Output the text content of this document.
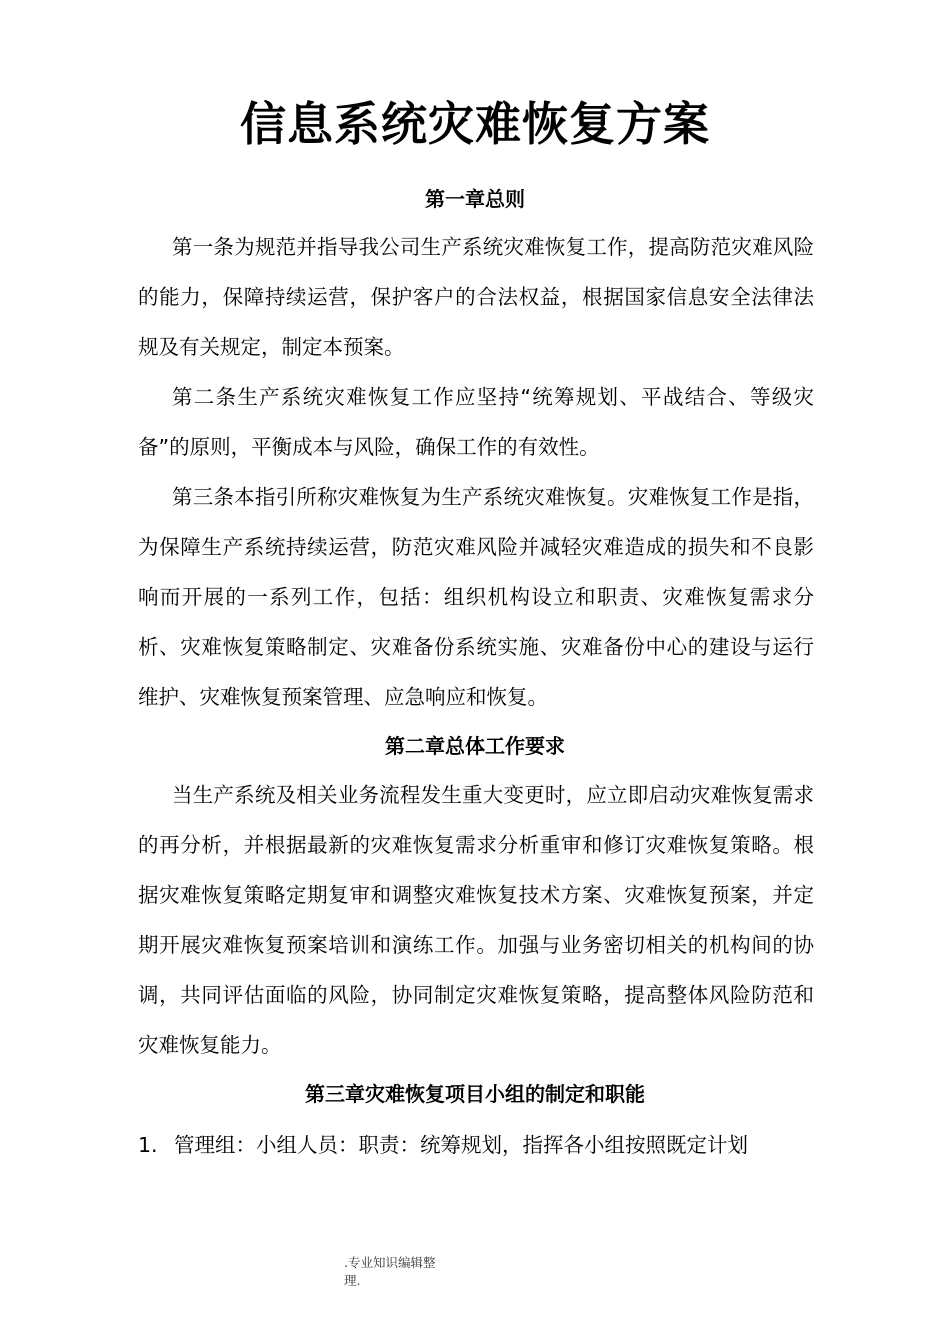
信息系统灾难恢复方案
第一章总则

第一条为规范并指导我公司生产系统灾难恢复工作，提高防范灾难风险的能力，保障持续运营，保护客户的合法权益，根据国家信息安全法律法规及有关规定，制定本预案。

第二条生产系统灾难恢复工作应坚持“统筹规划、平战结合、等级灾备”的原则，平衡成本与风险，确保工作的有效性。

第三条本指引所称灾难恢复为生产系统灾难恢复。灾难恢复工作是指，为保障生产系统持续运营，防范灾难风险并减轻灾难造成的损失和不良影响而开展的一系列工作，包括：组织机构设立和职责、灾难恢复需求分析、灾难恢复策略制定、灾难备份系统实施、灾难备份中心的建设与运行维护、灾难恢复预案管理、应急响应和恢复。

第二章总体工作要求

当生产系统及相关业务流程发生重大变更时，应立即启动灾难恢复需求的再分析，并根据最新的灾难恢复需求分析重审和修订灾难恢复策略。根据灾难恢复策略定期复审和调整灾难恢复技术方案、灾难恢复预案，并定期开展灾难恢复预案培训和演练工作。加强与业务密切相关的机构间的协调，共同评估面临的风险，协同制定灾难恢复策略，提高整体风险防范和灾难恢复能力。

第三章灾难恢复项目小组的制定和职能
1. 管理组：小组人员：职责：统筹规划，指挥各小组按照既定计划
.专业知识编辑整
理.
